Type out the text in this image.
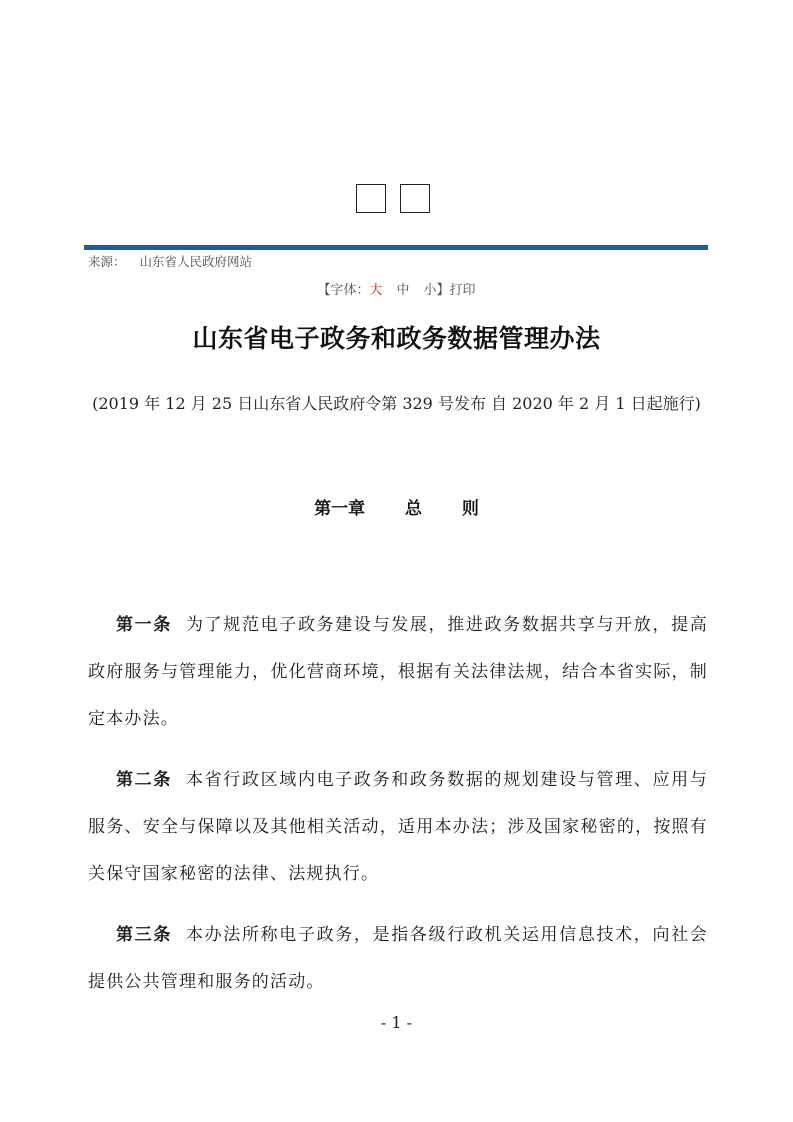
来源： 山东省人民政府网站
【字体：大 中 小】打印
山东省电子政务和政务数据管理办法
(2019 年 12 月 25 日山东省人民政府令第 329 号发布 自 2020 年 2 月 1 日起施行)
第一章  总  则

第一条 为了规范电子政务建设与发展，推进政务数据共享与开放，提高政府服务与管理能力，优化营商环境，根据有关法律法规，结合本省实际，制定本办法。

第二条 本省行政区域内电子政务和政务数据的规划建设与管理、应用与服务、安全与保障以及其他相关活动，适用本办法；涉及国家秘密的，按照有关保守国家秘密的法律、法规执行。

第三条 本办法所称电子政务，是指各级行政机关运用信息技术，向社会提供公共管理和服务的活动。

- 1 -
